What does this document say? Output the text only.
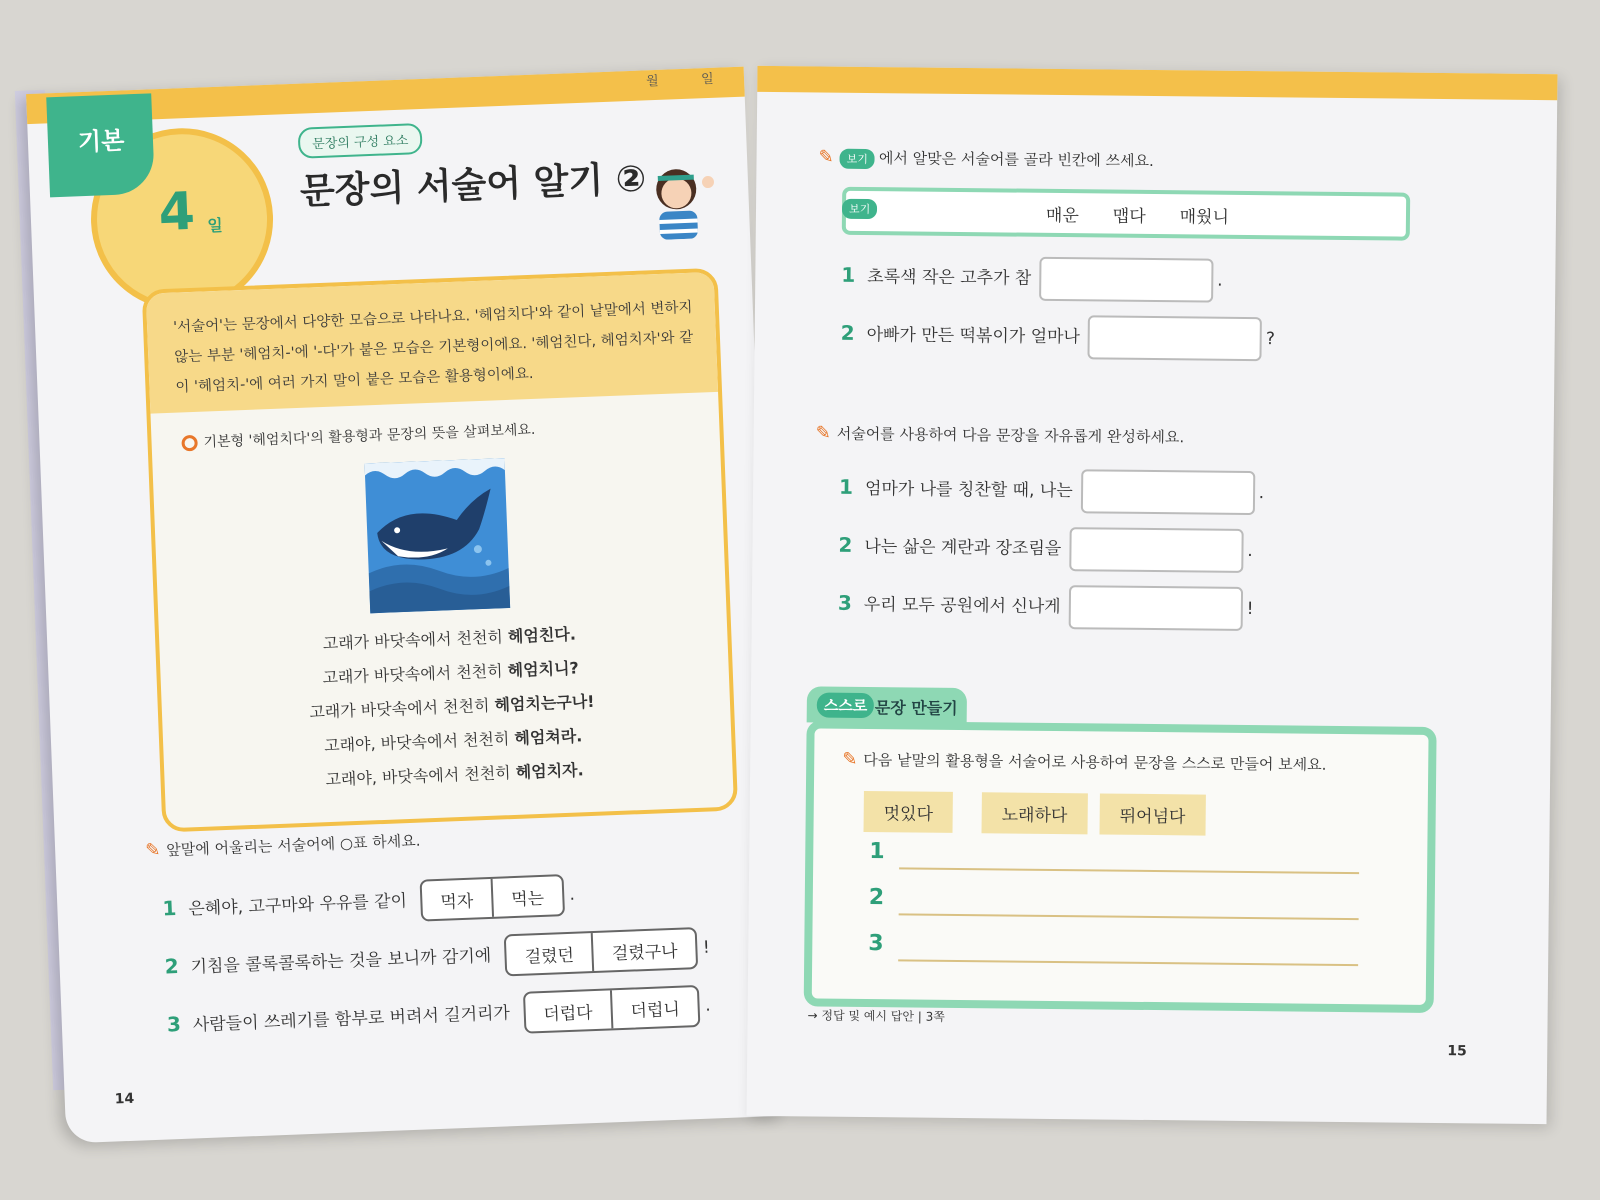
월	일
4 일
기본	문장의 구성 요소
문장의 서술어 알기 ②
'서술어'는 문장에서 다양한 모습으로 나타나요. '헤엄치다'와 같이 낱말에서 변하지 않는 부분 '헤엄치-'에 '-다'가 붙은 모습은 기본형이에요. '헤엄친다, 헤엄치자'와 같이 '헤엄치-'에 여러 가지 말이 붙은 모습은 활용형이에요.
기본형 '헤엄치다'의 활용형과 문장의 뜻을 살펴보세요.
고래가 바닷속에서 천천히 헤엄친다.
고래가 바닷속에서 천천히 헤엄치니?
고래가 바닷속에서 천천히 헤엄치는구나!
고래야, 바닷속에서 천천히 헤엄쳐라.
고래야, 바닷속에서 천천히 헤엄치자.
✎ 앞말에 어울리는 서술어에 ○표 하세요.
1 은혜야, 고구마와 우유를 같이	먹자	먹는	.
2 기침을 콜록콜록하는 것을 보니까 감기에	걸렸던	걸렸구나	!
3 사람들이 쓰레기를 함부로 버려서 길거리가	더럽다	더럽니	.
14
✎ 보기 에서 알맞은 서술어를 골라 빈칸에 쓰세요.
보기	매운 맵다 매웠니
1 초록색 작은 고추가 참	.
2 아빠가 만든 떡볶이가 얼마나	?
✎ 서술어를 사용하여 다음 문장을 자유롭게 완성하세요.
1 엄마가 나를 칭찬할 때, 나는	.
2 나는 삶은 계란과 장조림을	.
3 우리 모두 공원에서 신나게	!
스스로 문장 만들기
✎ 다음 낱말의 활용형을 서술어로 사용하여 문장을 스스로 만들어 보세요.
멋있다	노래하다	뛰어넘다
1
2
3
→ 정답 및 예시 답안 | 3쪽
15
